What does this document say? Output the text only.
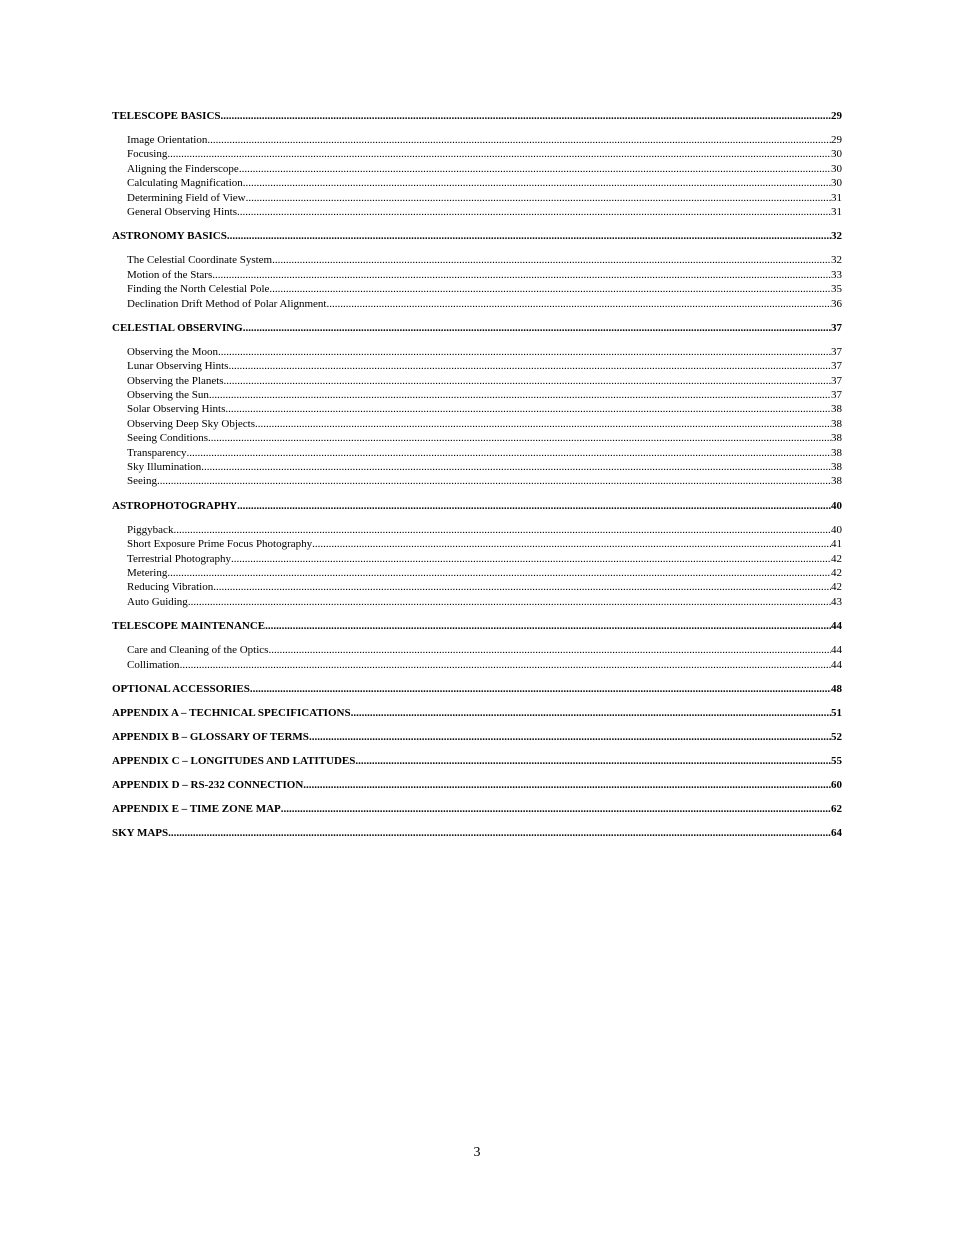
TELESCOPE BASICS .....	29
Image Orientation .....	29
Focusing .....	30
Aligning the Finderscope .....	30
Calculating Magnification .....	30
Determining Field of View .....	31
General Observing Hints .....	31
ASTRONOMY BASICS .....	32
The Celestial Coordinate System .....	32
Motion of the Stars .....	33
Finding the North Celestial Pole .....	35
Declination Drift Method of Polar Alignment .....	36
CELESTIAL OBSERVING .....	37
Observing the Moon .....	37
Lunar Observing Hints .....	37
Observing the Planets .....	37
Observing the Sun .....	37
Solar Observing Hints .....	38
Observing Deep Sky Objects .....	38
Seeing Conditions .....	38
Transparency .....	38
Sky Illumination .....	38
Seeing .....	38
ASTROPHOTOGRAPHY .....	40
Piggyback .....	40
Short Exposure Prime Focus Photography .....	41
Terrestrial Photography .....	42
Metering .....	42
Reducing Vibration .....	42
Auto Guiding .....	43
TELESCOPE MAINTENANCE .....	44
Care and Cleaning of the Optics .....	44
Collimation .....	44
OPTIONAL ACCESSORIES .....	48
APPENDIX A – TECHNICAL SPECIFICATIONS .....	51
APPENDIX B – GLOSSARY OF TERMS .....	52
APPENDIX C – LONGITUDES AND LATITUDES .....	55
APPENDIX D – RS-232 CONNECTION .....	60
APPENDIX E – TIME ZONE MAP .....	62
SKY MAPS .....	64
3
